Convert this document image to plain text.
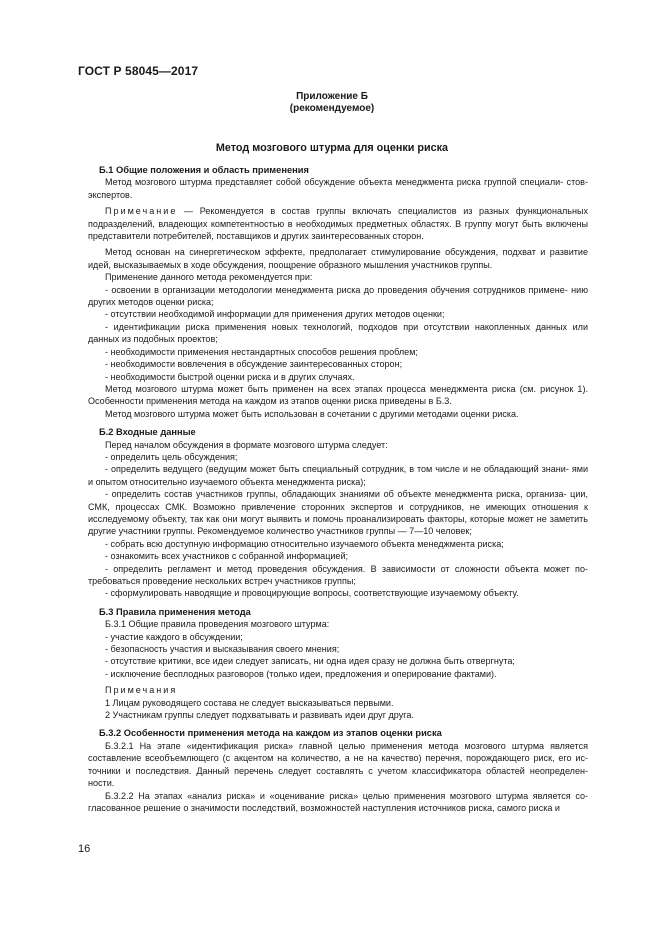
ГОСТ Р 58045—2017
Приложение Б
(рекомендуемое)
Метод мозгового штурма для оценки риска

Б.1 Общие положения и область применения

Метод мозгового штурма представляет собой обсуждение объекта менеджмента риска группой специали- стов-экспертов.

Примечание — Рекомендуется в состав группы включать специалистов из разных функциональных подразделений, владеющих компетентностью в необходимых предметных областях. В группу могут быть включены представители потребителей, поставщиков и других заинтересованных сторон.

Метод основан на синергетическом эффекте, предполагает стимулирование обсуждения, подхват и развитие идей, высказываемых в ходе обсуждения, поощрение образного мышления участников группы.

Применение данного метода рекомендуется при:

- освоении в организации методологии менеджмента риска до проведения обучения сотрудников примене- нию других методов оценки риска;

- отсутствии необходимой информации для применения других методов оценки;

- идентификации риска применения новых технологий, подходов при отсутствии накопленных данных или данных из подобных проектов;

- необходимости применения нестандартных способов решения проблем;

- необходимости вовлечения в обсуждение заинтересованных сторон;

- необходимости быстрой оценки риска и в других случаях.

Метод мозгового штурма может быть применен на всех этапах процесса менеджмента риска (см. рисунок 1). Особенности применения метода на каждом из этапов оценки риска приведены в Б.3.

Метод мозгового штурма может быть использован в сочетании с другими методами оценки риска.

Б.2 Входные данные

Перед началом обсуждения в формате мозгового штурма следует:

- определить цель обсуждения;

- определить ведущего (ведущим может быть специальный сотрудник, в том числе и не обладающий знани- ями и опытом относительно изучаемого объекта менеджмента риска);

- определить состав участников группы, обладающих знаниями об объекте менеджмента риска, организа- ции, СМК, процессах СМК. Возможно привлечение сторонних экспертов и сотрудников, не имеющих отношения к исследуемому объекту, так как они могут выявить и помочь проанализировать факторы, которые может не заметить другие участники группы. Рекомендуемое количество участников группы — 7—10 человек;

- собрать всю доступную информацию относительно изучаемого объекта менеджмента риска;

- ознакомить всех участников с собранной информацией;

- определить регламент и метод проведения обсуждения. В зависимости от сложности объекта может по- требоваться проведение нескольких встреч участников группы;

- сформулировать наводящие и провоцирующие вопросы, соответствующие изучаемому объекту.

Б.3 Правила применения метода

Б.3.1 Общие правила проведения мозгового штурма:

- участие каждого в обсуждении;

- безопасность участия и высказывания своего мнения;

- отсутствие критики, все идеи следует записать, ни одна идея сразу не должна быть отвергнута;

- исключение бесплодных разговоров (только идеи, предложения и оперирование фактами).

Примечания

1 Лицам руководящего состава не следует высказываться первыми.

2 Участникам группы следует подхватывать и развивать идеи друг друга.

Б.3.2 Особенности применения метода на каждом из этапов оценки риска

Б.3.2.1 На этапе «идентификация риска» главной целью применения метода мозгового штурма является составление всеобъемлющего (с акцентом на количество, а не на качество) перечня, порождающего риск, его ис- точники и последствия. Данный перечень следует составлять с учетом классификатора областей неопределен- ности.

Б.3.2.2 На этапах «анализ риска» и «оценивание риска» целью применения мозгового штурма является со- гласованное решение о значимости последствий, возможностей наступления источников риска, самого риска и

16
